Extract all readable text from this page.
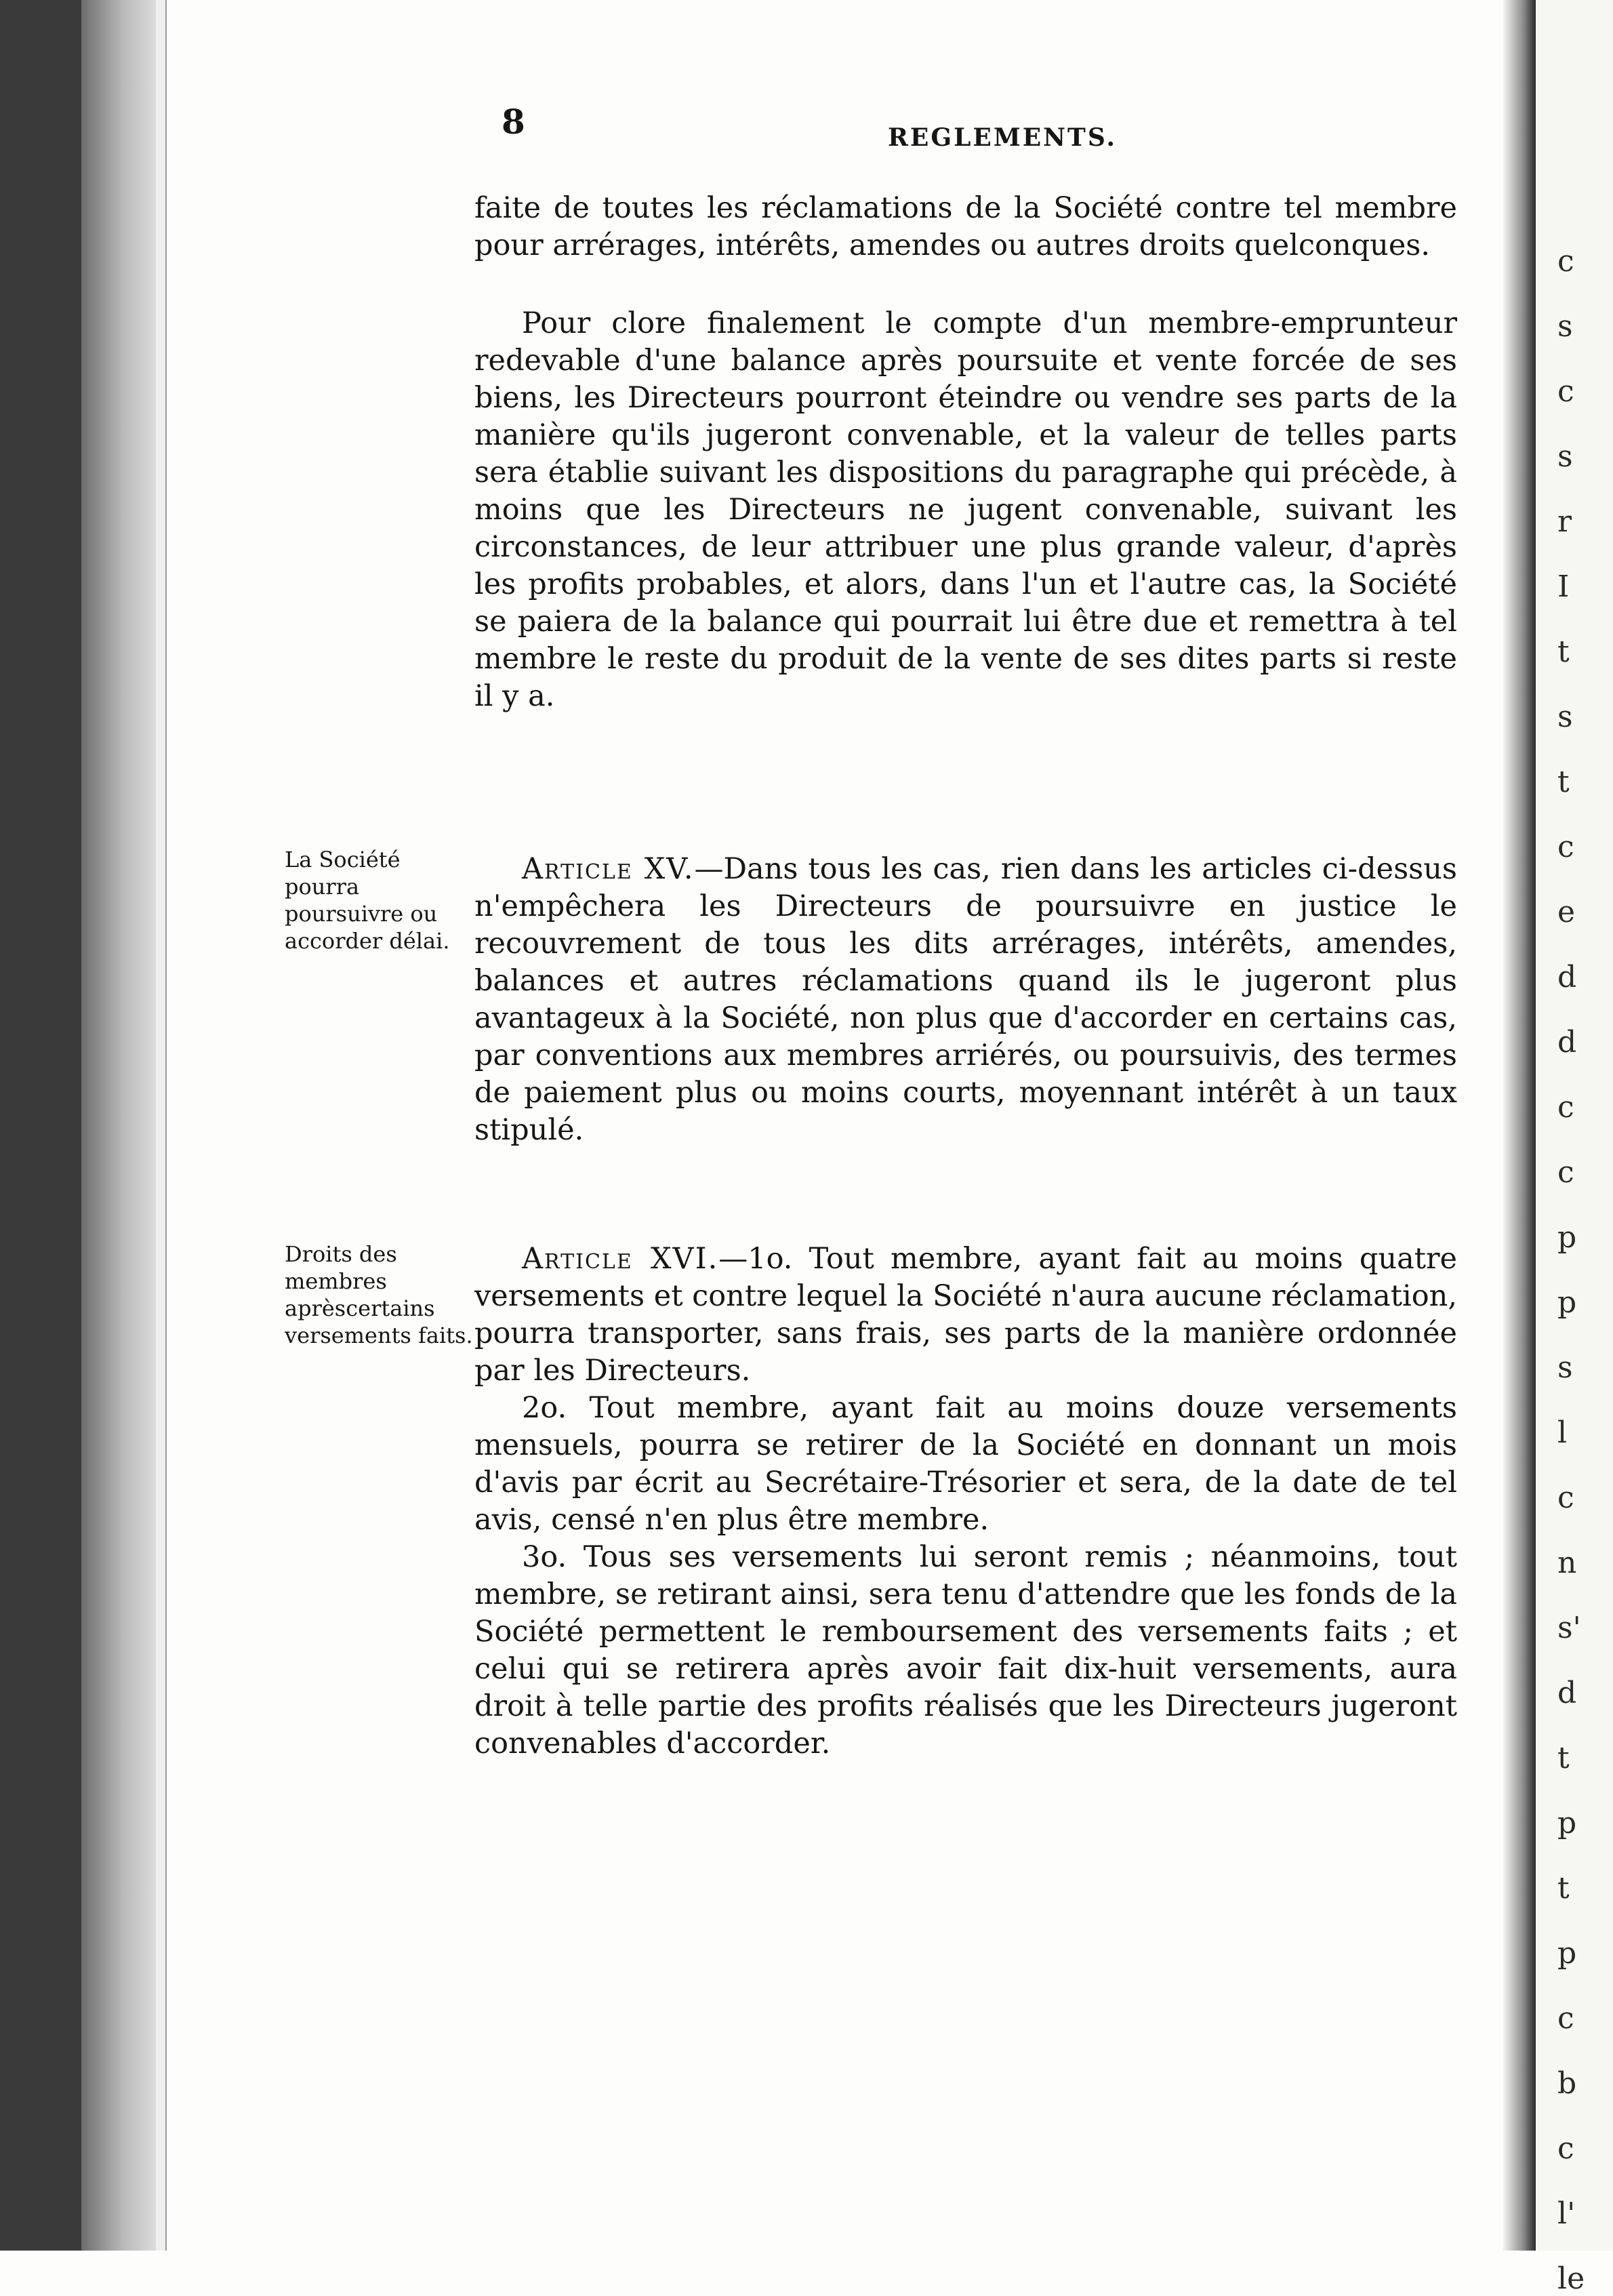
c
s
c
s
r
I
t
s
t
c
e
d
d
c
c
p
p
s
l
c
n
s'
d
t
p
t
p
c
b
c
l'
le
8	REGLEMENTS.

faite de toutes les réclamations de la Société contre tel membre pour arrérages, intérêts, amendes ou autres droits quelconques.

Pour clore finalement le compte d'un membre-emprunteur redevable d'une balance après poursuite et vente forcée de ses biens, les Directeurs pourront éteindre ou vendre ses parts de la manière qu'ils jugeront convenable, et la valeur de telles parts sera établie suivant les dispositions du paragraphe qui précède, à moins que les Directeurs ne jugent convenable, suivant les circonstances, de leur attribuer une plus grande valeur, d'après les profits probables, et alors, dans l'un et l'autre cas, la Société se paiera de la balance qui pourrait lui être due et remettra à tel membre le reste du produit de la vente de ses dites parts si reste il y a.

La Société pourra poursuivre ou accorder délai.

Article XV.—Dans tous les cas, rien dans les articles ci-dessus n'empêchera les Directeurs de poursuivre en justice le recouvrement de tous les dits arrérages, intérêts, amendes, balances et autres réclamations quand ils le jugeront plus avantageux à la Société, non plus que d'accorder en certains cas, par conventions aux membres arriérés, ou poursuivis, des termes de paiement plus ou moins courts, moyennant intérêt à un taux stipulé.

Droits des membres aprèscertains versements faits.

Article XVI.—1o. Tout membre, ayant fait au moins quatre versements et contre lequel la Société n'aura aucune réclamation, pourra transporter, sans frais, ses parts de la manière ordonnée par les Directeurs.

2o. Tout membre, ayant fait au moins douze versements mensuels, pourra se retirer de la Société en donnant un mois d'avis par écrit au Secrétaire-Trésorier et sera, de la date de tel avis, censé n'en plus être membre.

3o. Tous ses versements lui seront remis ; néanmoins, tout membre, se retirant ainsi, sera tenu d'attendre que les fonds de la Société permettent le remboursement des versements faits ; et celui qui se retirera après avoir fait dix-huit versements, aura droit à telle partie des profits réalisés que les Directeurs jugeront convenables d'accorder.
